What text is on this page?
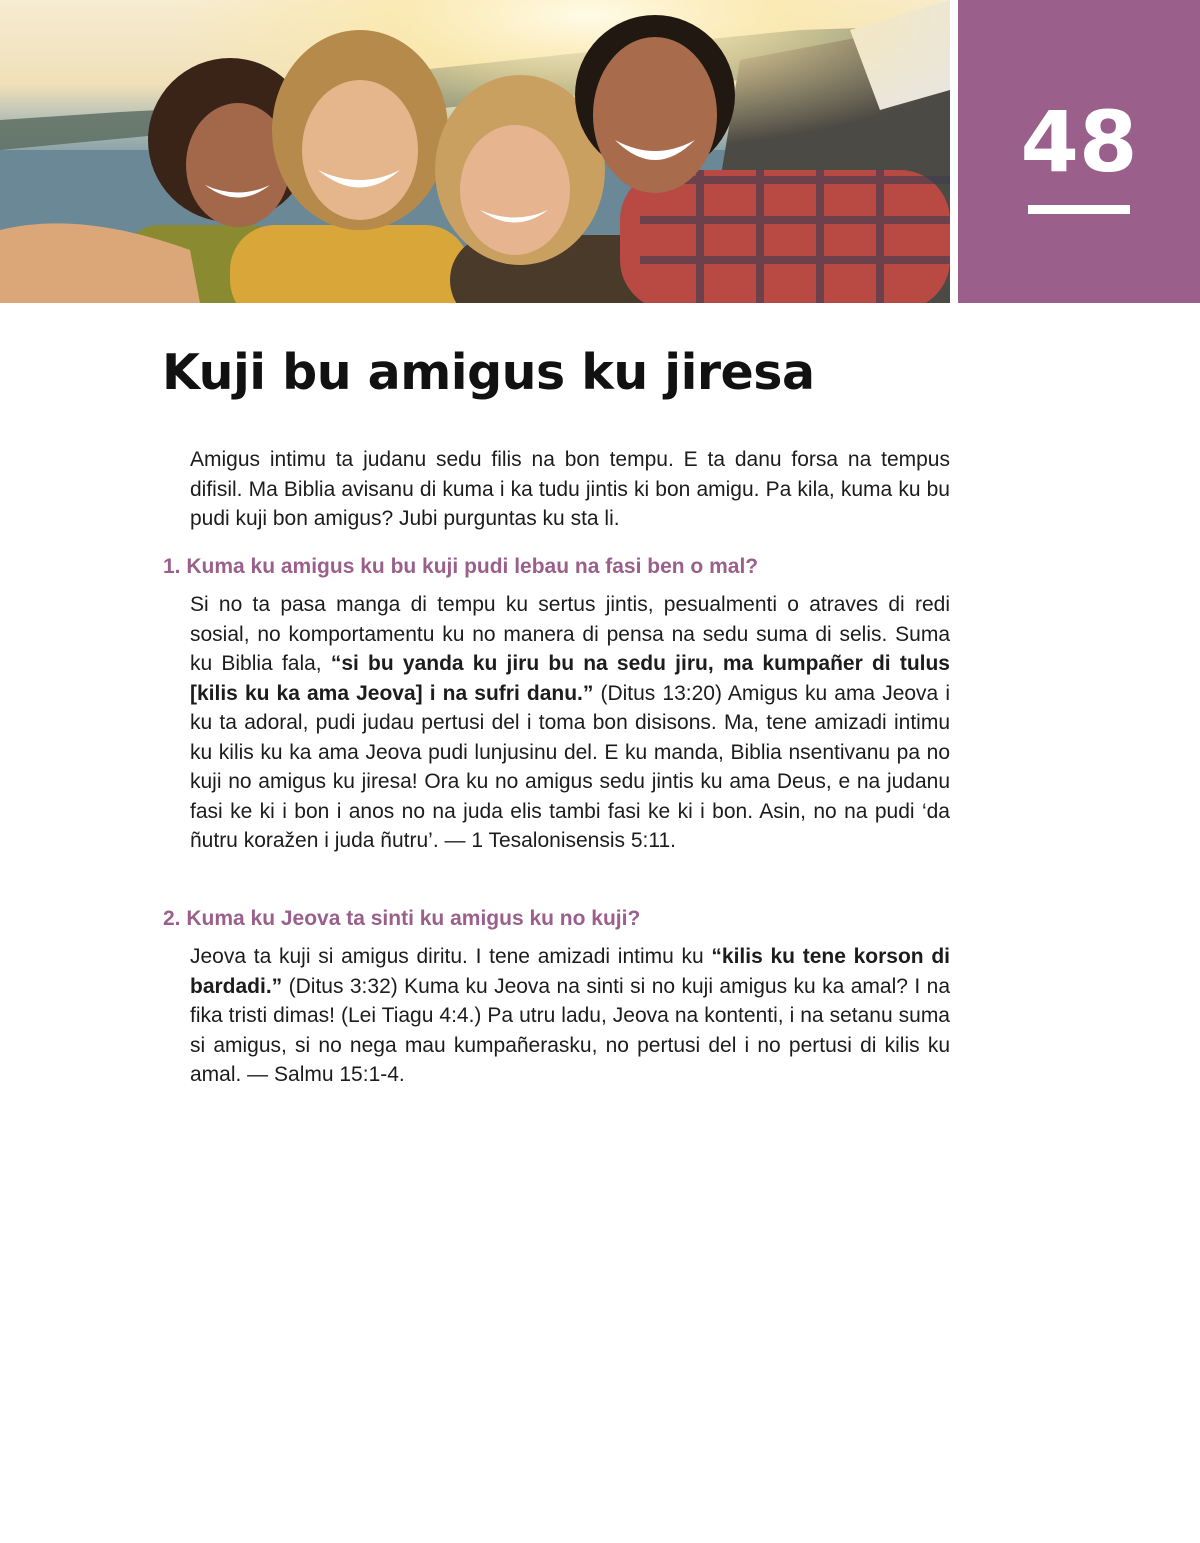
48
Kuji bu amigus ku jiresa

Amigus intimu ta judanu sedu filis na bon tempu. E ta danu forsa na tempus difisil. Ma Biblia avisanu di kuma i ka tudu jintis ki bon amigu. Pa kila, kuma ku bu pudi kuji bon amigus? Jubi purguntas ku sta li.

1. Kuma ku amigus ku bu kuji pudi lebau na fasi ben o mal?

Si no ta pasa manga di tempu ku sertus jintis, pesualmenti o atraves di redi sosial, no komportamentu ku no manera di pensa na sedu suma di selis. Suma ku Biblia fala, “si bu yanda ku jiru bu na sedu jiru, ma kumpañer di tulus [kilis ku ka ama Jeova] i na sufri danu.” (Ditus 13:20) Amigus ku ama Jeova i ku ta adoral, pudi judau pertusi del i toma bon disisons. Ma, tene amizadi intimu ku kilis ku ka ama Jeova pudi lunjusinu del. E ku manda, Biblia nsentivanu pa no kuji no amigus ku jiresa! Ora ku no amigus sedu jintis ku ama Deus, e na judanu fasi ke ki i bon i anos no na juda elis tambi fasi ke ki i bon. Asin, no na pudi ‘da ñutru koražen i juda ñutru’. — 1 Tesalonisensis 5:11.

2. Kuma ku Jeova ta sinti ku amigus ku no kuji?

Jeova ta kuji si amigus diritu. I tene amizadi intimu ku “kilis ku tene korson di bardadi.” (Ditus 3:32) Kuma ku Jeova na sinti si no kuji amigus ku ka amal? I na fika tristi dimas! (Lei Tiagu 4:4.) Pa utru ladu, Jeova na kontenti, i na setanu suma si amigus, si no nega mau kumpañerasku, no pertusi del i no pertusi di kilis ku amal. — Salmu 15:1-4.
